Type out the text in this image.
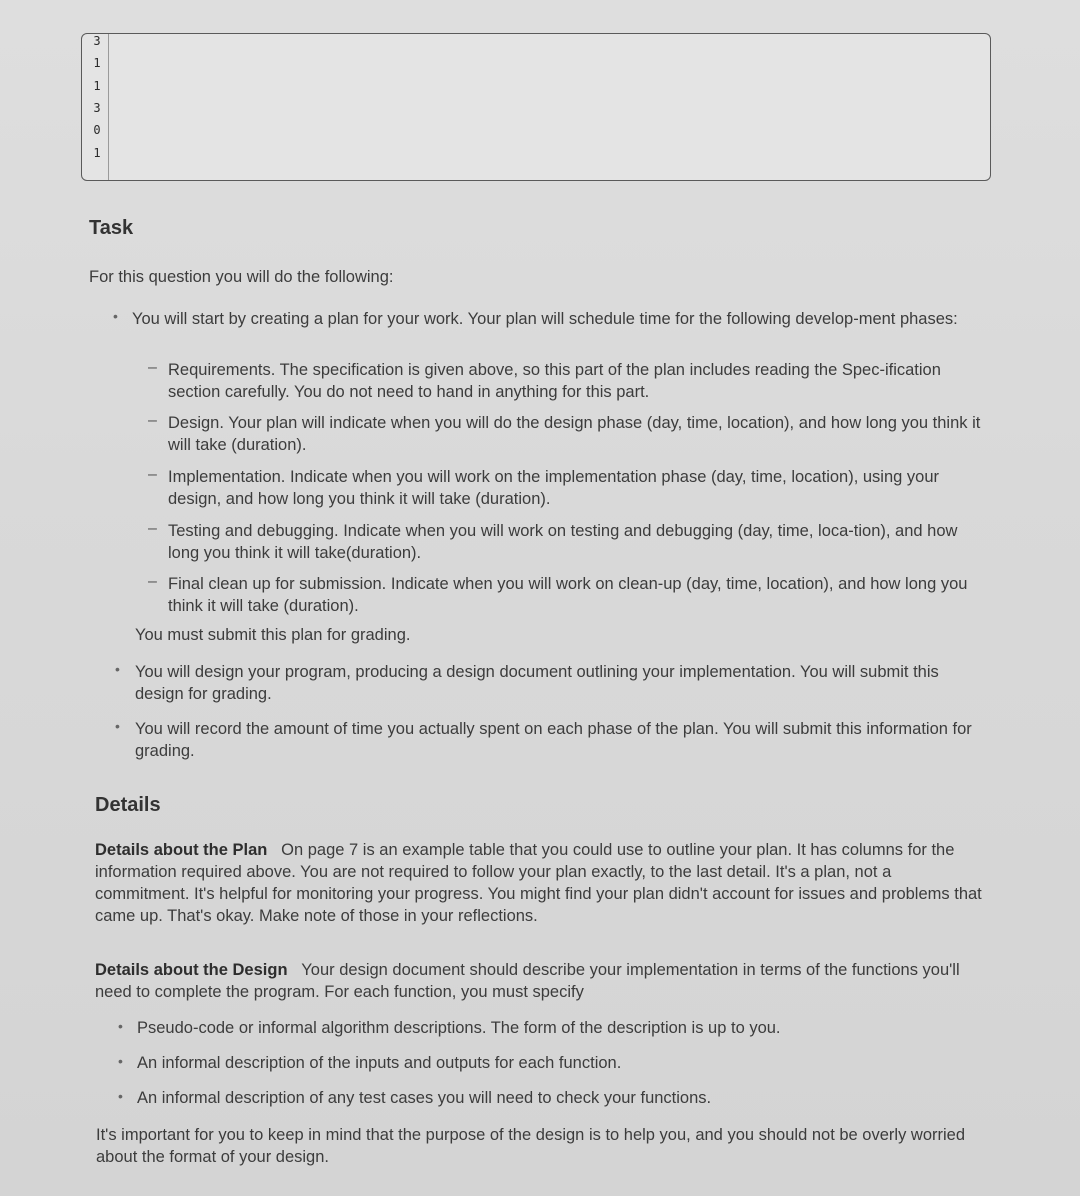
3
1
1
3
0
1
Task
For this question you will do the following:
• You will start by creating a plan for your work. Your plan will schedule time for the following develop-ment phases:
– Requirements. The specification is given above, so this part of the plan includes reading the Spec-ification section carefully. You do not need to hand in anything for this part.
– Design. Your plan will indicate when you will do the design phase (day, time, location), and how long you think it will take (duration).
– Implementation. Indicate when you will work on the implementation phase (day, time, location), using your design, and how long you think it will take (duration).
– Testing and debugging. Indicate when you will work on testing and debugging (day, time, loca-tion), and how long you think it will take(duration).
– Final clean up for submission. Indicate when you will work on clean-up (day, time, location), and how long you think it will take (duration).
You must submit this plan for grading.
• You will design your program, producing a design document outlining your implementation. You will submit this design for grading.
• You will record the amount of time you actually spent on each phase of the plan. You will submit this information for grading.
Details
Details about the Plan On page 7 is an example table that you could use to outline your plan. It has columns for the information required above. You are not required to follow your plan exactly, to the last detail. It's a plan, not a commitment. It's helpful for monitoring your progress. You might find your plan didn't account for issues and problems that came up. That's okay. Make note of those in your reflections.
Details about the Design Your design document should describe your implementation in terms of the functions you'll need to complete the program. For each function, you must specify
• Pseudo-code or informal algorithm descriptions. The form of the description is up to you.
• An informal description of the inputs and outputs for each function.
• An informal description of any test cases you will need to check your functions.
It's important for you to keep in mind that the purpose of the design is to help you, and you should not be overly worried about the format of your design.
